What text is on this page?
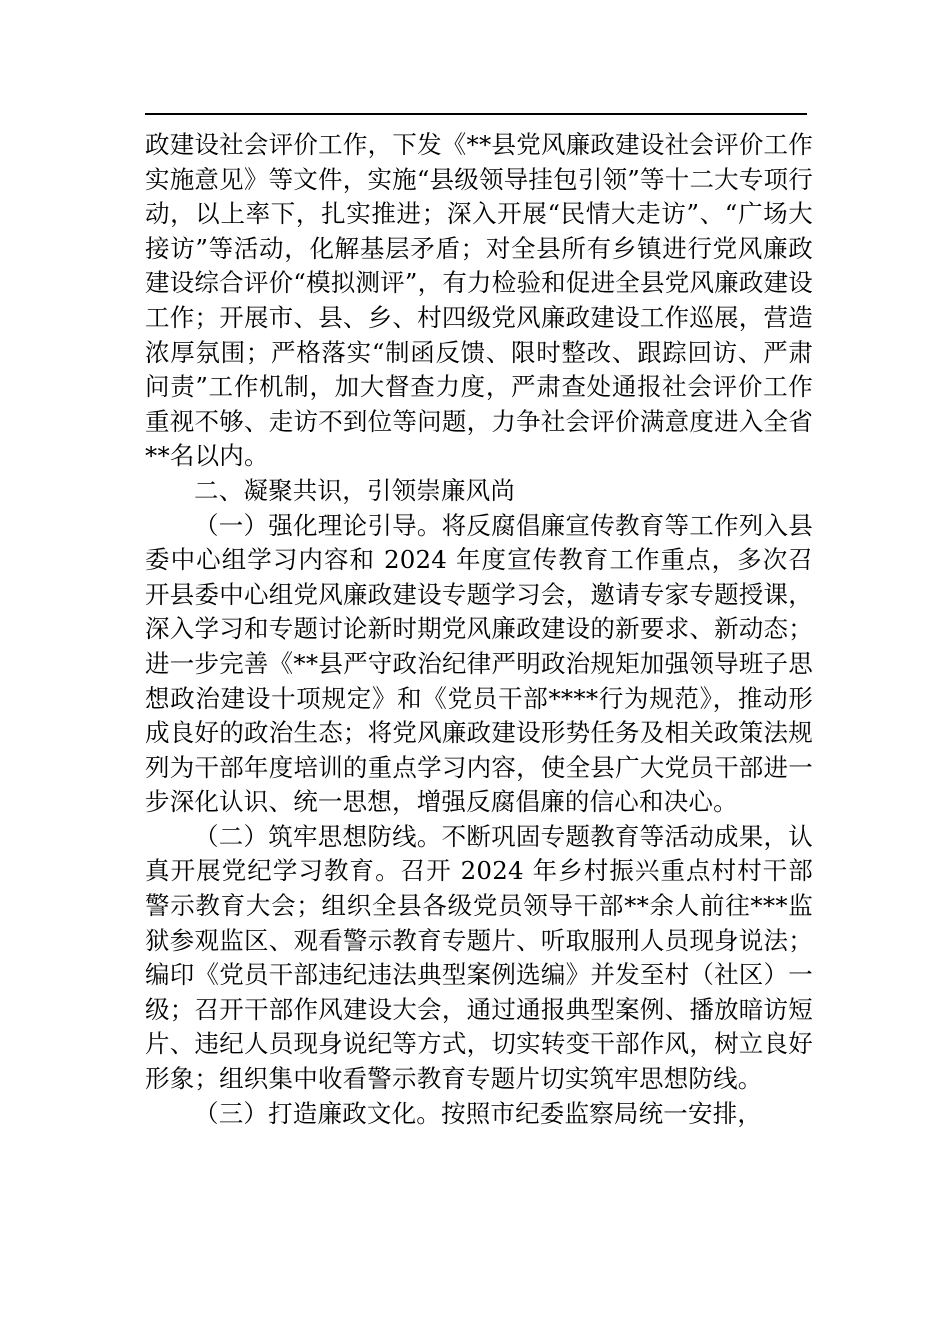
政建设社会评价工作，下发《**县党风廉政建设社会评价工作实施意见》等文件，实施“县级领导挂包引领”等十二大专项行动，以上率下，扎实推进；深入开展“民情大走访”、“广场大接访”等活动，化解基层矛盾；对全县所有乡镇进行党风廉政建设综合评价“模拟测评”，有力检验和促进全县党风廉政建设工作；开展市、县、乡、村四级党风廉政建设工作巡展，营造浓厚氛围；严格落实“制函反馈、限时整改、跟踪回访、严肃问责”工作机制，加大督查力度，严肃查处通报社会评价工作重视不够、走访不到位等问题，力争社会评价满意度进入全省**名以内。

二、凝聚共识，引领崇廉风尚

（一）强化理论引导。将反腐倡廉宣传教育等工作列入县委中心组学习内容和 2024 年度宣传教育工作重点，多次召开县委中心组党风廉政建设专题学习会，邀请专家专题授课，深入学习和专题讨论新时期党风廉政建设的新要求、新动态；进一步完善《**县严守政治纪律严明政治规矩加强领导班子思想政治建设十项规定》和《党员干部****行为规范》，推动形成良好的政治生态；将党风廉政建设形势任务及相关政策法规列为干部年度培训的重点学习内容，使全县广大党员干部进一步深化认识、统一思想，增强反腐倡廉的信心和决心。

（二）筑牢思想防线。不断巩固专题教育等活动成果，认真开展党纪学习教育。召开 2024 年乡村振兴重点村村干部警示教育大会；组织全县各级党员领导干部**余人前往***监狱参观监区、观看警示教育专题片、听取服刑人员现身说法；编印《党员干部违纪违法典型案例选编》并发至村（社区）一级；召开干部作风建设大会，通过通报典型案例、播放暗访短片、违纪人员现身说纪等方式，切实转变干部作风，树立良好形象；组织集中收看警示教育专题片切实筑牢思想防线。

（三）打造廉政文化。按照市纪委监察局统一安排，
